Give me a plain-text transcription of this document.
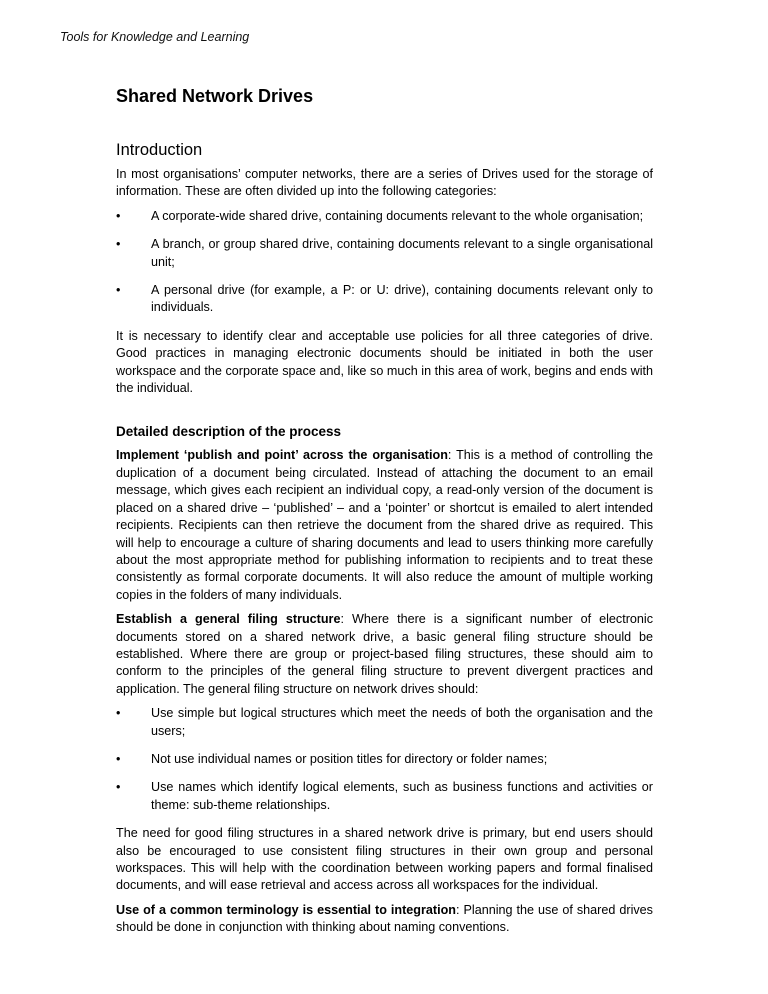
Tools for Knowledge and Learning
Shared Network Drives
Introduction

In most organisations’ computer networks, there are a series of Drives used for the storage of information. These are often divided up into the following categories:

• A corporate-wide shared drive, containing documents relevant to the whole organisation;
• A branch, or group shared drive, containing documents relevant to a single organisational unit;
• A personal drive (for example, a P: or U: drive), containing documents relevant only to individuals.

It is necessary to identify clear and acceptable use policies for all three categories of drive. Good practices in managing electronic documents should be initiated in both the user workspace and the corporate space and, like so much in this area of work, begins and ends with the individual.

Detailed description of the process

Implement ‘publish and point’ across the organisation: This is a method of controlling the duplication of a document being circulated. Instead of attaching the document to an email message, which gives each recipient an individual copy, a read-only version of the document is placed on a shared drive – ‘published’ – and a ‘pointer’ or shortcut is emailed to alert intended recipients. Recipients can then retrieve the document from the shared drive as required. This will help to encourage a culture of sharing documents and lead to users thinking more carefully about the most appropriate method for publishing information to recipients and to treat these consistently as formal corporate documents. It will also reduce the amount of multiple working copies in the folders of many individuals.

Establish a general filing structure: Where there is a significant number of electronic documents stored on a shared network drive, a basic general filing structure should be established. Where there are group or project-based filing structures, these should aim to conform to the principles of the general filing structure to prevent divergent practices and application. The general filing structure on network drives should:

• Use simple but logical structures which meet the needs of both the organisation and the users;
• Not use individual names or position titles for directory or folder names;
• Use names which identify logical elements, such as business functions and activities or theme: sub-theme relationships.

The need for good filing structures in a shared network drive is primary, but end users should also be encouraged to use consistent filing structures in their own group and personal workspaces. This will help with the coordination between working papers and formal finalised documents, and will ease retrieval and access across all workspaces for the individual.

Use of a common terminology is essential to integration: Planning the use of shared drives should be done in conjunction with thinking about naming conventions.
